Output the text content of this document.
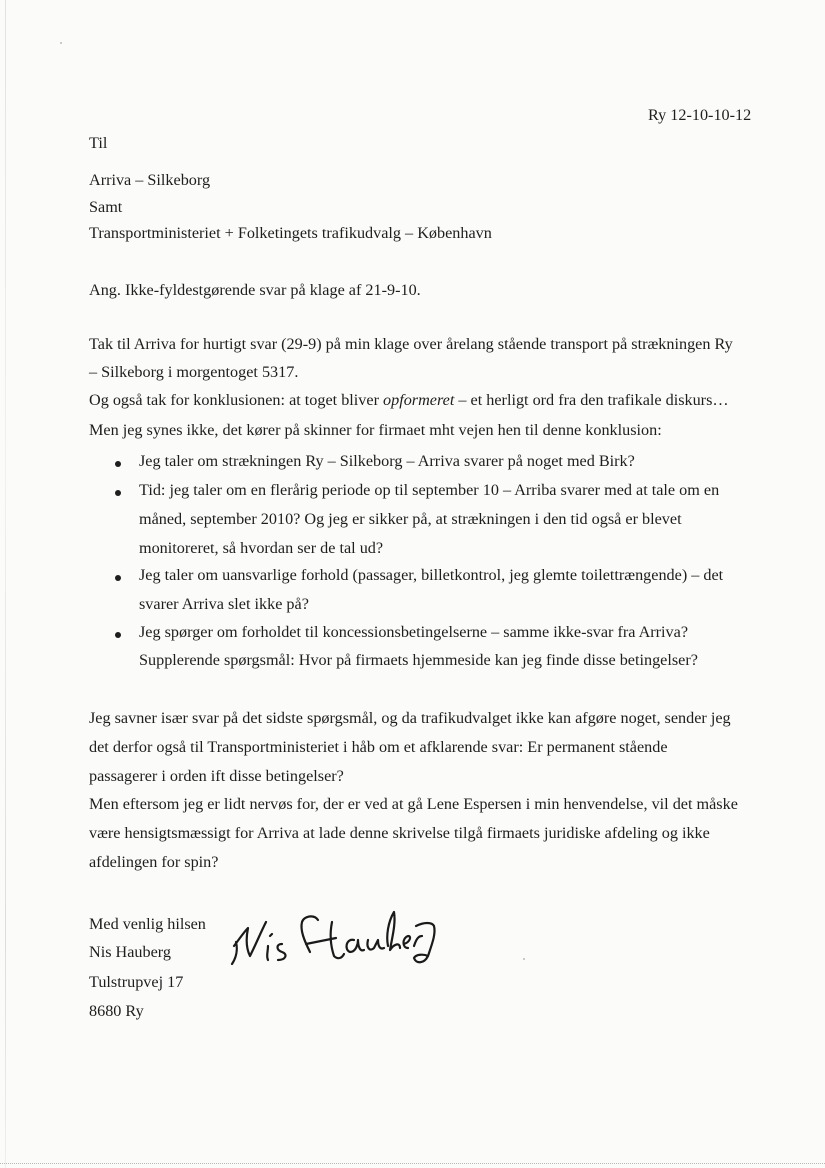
Ry 12-10-10-12
Til
Arriva – Silkeborg
Samt
Transportministeriet + Folketingets trafikudvalg – København
Ang. Ikke-fyldestgørende svar på klage af 21-9-10.
Tak til Arriva for hurtigt svar (29-9) på min klage over årelang stående transport på strækningen Ry
– Silkeborg i morgentoget 5317.
Og også tak for konklusionen: at toget bliver opformeret – et herligt ord fra den trafikale diskurs…
Men jeg synes ikke, det kører på skinner for firmaet mht vejen hen til denne konklusion:
Jeg taler om strækningen Ry – Silkeborg – Arriva svarer på noget med Birk?
Tid: jeg taler om en flerårig periode op til september 10 – Arriba svarer med at tale om en
måned, september 2010? Og jeg er sikker på, at strækningen i den tid også er blevet
monitoreret, så hvordan ser de tal ud?
Jeg taler om uansvarlige forhold (passager, billetkontrol, jeg glemte toilettrængende) – det
svarer Arriva slet ikke på?
Jeg spørger om forholdet til koncessionsbetingelserne – samme ikke-svar fra Arriva?
Supplerende spørgsmål: Hvor på firmaets hjemmeside kan jeg finde disse betingelser?
Jeg savner især svar på det sidste spørgsmål, og da trafikudvalget ikke kan afgøre noget, sender jeg
det derfor også til Transportministeriet i håb om et afklarende svar: Er permanent stående
passagerer i orden ift disse betingelser?
Men eftersom jeg er lidt nervøs for, der er ved at gå Lene Espersen i min henvendelse, vil det måske
være hensigtsmæssigt for Arriva at lade denne skrivelse tilgå firmaets juridiske afdeling og ikke
afdelingen for spin?
Med venlig hilsen
Nis Hauberg
Tulstrupvej 17
8680 Ry
